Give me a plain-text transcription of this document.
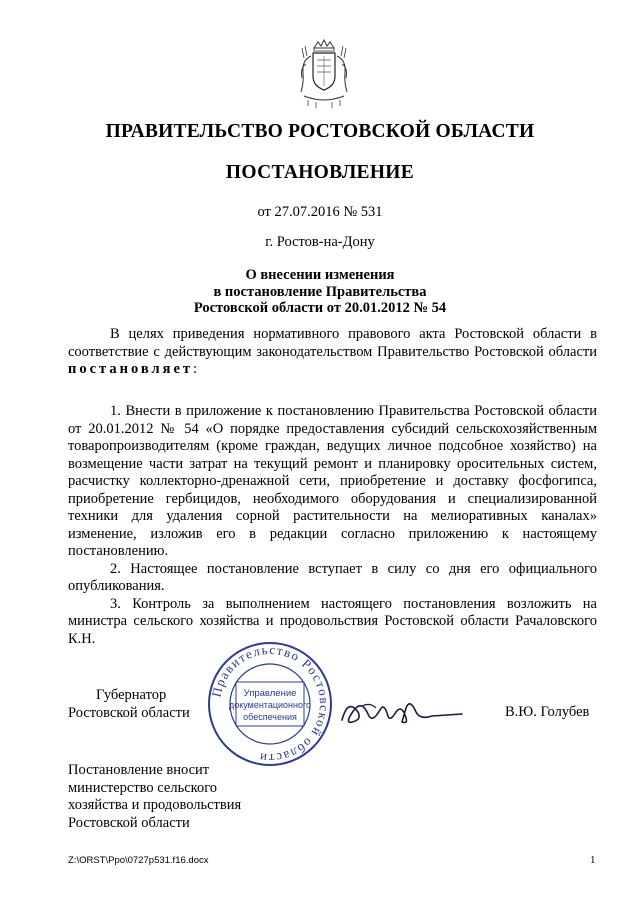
ПРАВИТЕЛЬСТВО РОСТОВСКОЙ ОБЛАСТИ
ПОСТАНОВЛЕНИЕ
от 27.07.2016 № 531
г. Ростов-на-Дону
О внесении изменения
в постановление Правительства
Ростовской области от 20.01.2012 № 54

В целях приведения нормативного правового акта Ростовской области в соответствие с действующим законодательством Правительство Ростовской области постановляет:

1. Внести в приложение к постановлению Правительства Ростовской области от 20.01.2012 № 54 «О порядке предоставления субсидий сельскохозяйственным товаропроизводителям (кроме граждан, ведущих личное подсобное хозяйство) на возмещение части затрат на текущий ремонт и планировку оросительных систем, расчистку коллекторно-дренажной сети, приобретение и доставку фосфогипса, приобретение гербицидов, необходимого оборудования и специализированной техники для удаления сорной растительности на мелиоративных каналах» изменение, изложив его в редакции согласно приложению к настоящему постановлению.

2. Настоящее постановление вступает в силу со дня его официального опубликования.

3. Контроль за выполнением настоящего постановления возложить на министра сельского хозяйства и продовольствия Ростовской области Рачаловского К.Н.

Правительство Ростовской области
Управление
документационного
обеспечения
Губернатор
Ростовской области	В.Ю. Голубев
Постановление вносит
министерство сельского
хозяйства и продовольствия
Ростовской области
Z:\ORST\Ppo\0727p531.f16.docx	1
